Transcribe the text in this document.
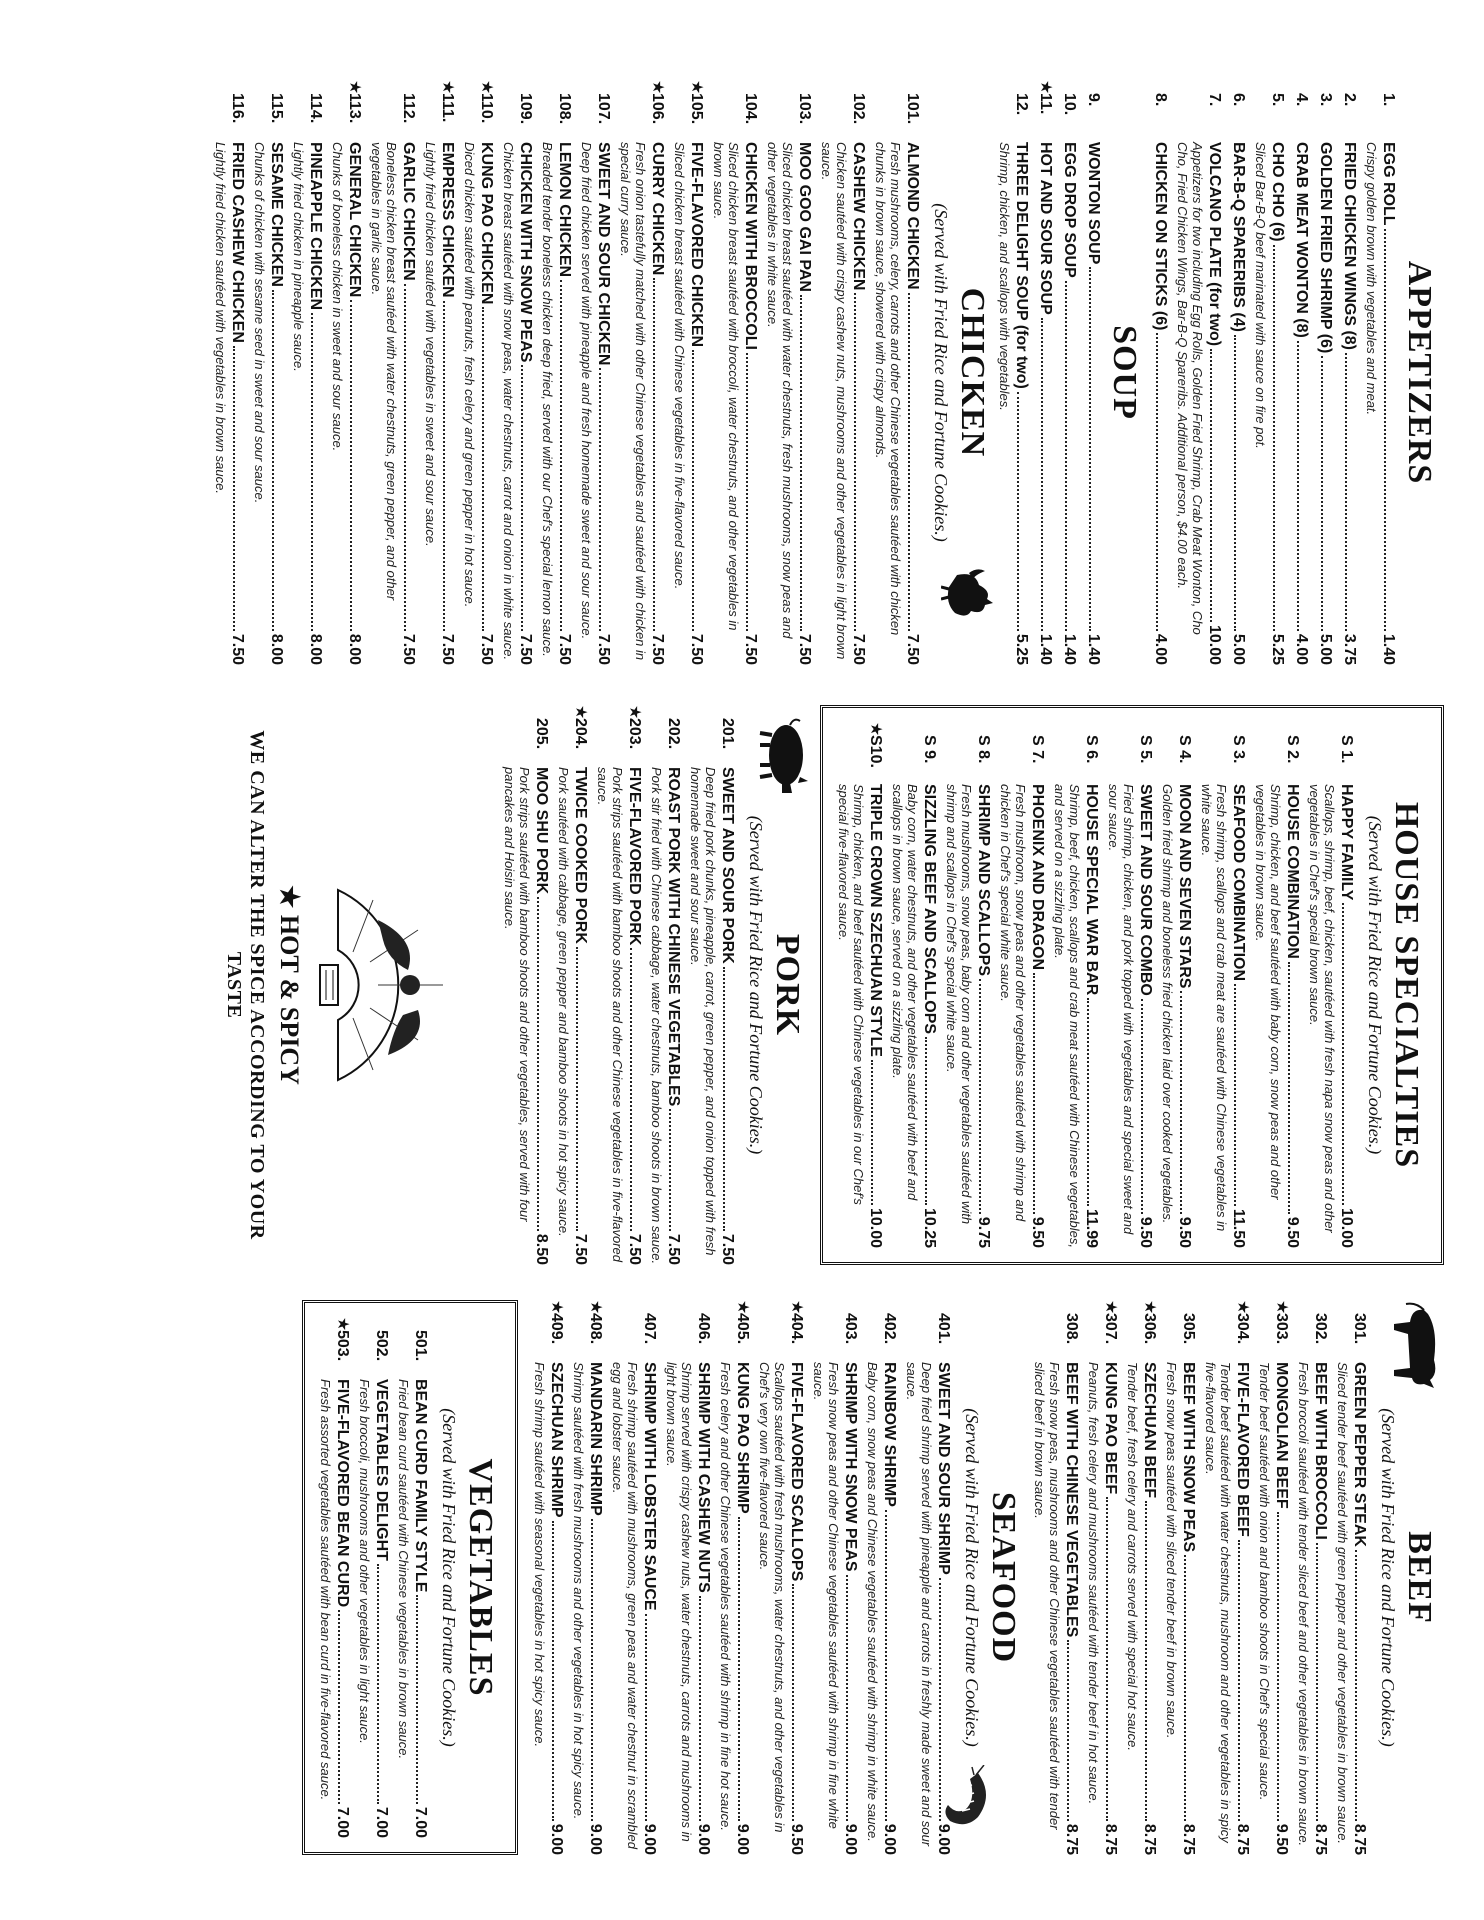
APPETIZERS
1.
EGG ROLL
1.40
Crispy golden brown with vegetables and meat.
2.
FRIED CHICKEN WINGS (8)
3.75
3.
GOLDEN FRIED SHRIMP (6)
5.00
4.
CRAB MEAT WONTON (8)
4.00
5.
CHO CHO (6)
5.25
Sliced Bar-B-Q beef marinated with sauce on fire pot.
6.
BAR-B-Q SPARERIBS (4)
5.00
7.
VOLCANO PLATE (for two)
10.00
Appetizers for two including Egg Rolls, Golden Fried Shrimp, Crab Meat Wonton, Cho Cho, Fried Chicken Wings, Bar-B-Q Spareribs. Additional person, $4.00 each.
8.
CHICKEN ON STICKS (6)
4.00
SOUP
9.
WONTON SOUP
1.40
10.
EGG DROP SOUP
1.40
★
11.
HOT AND SOUR SOUP
1.40
12.
THREE DELIGHT SOUP (for two)
5.25
Shrimp, chicken, and scallops with vegetables.
CHICKEN
(Served with Fried Rice and Fortune Cookies.)
101.
ALMOND CHICKEN
7.50
Fresh mushrooms, celery, carrots and other Chinese vegetables sautéed with chicken chunks in brown sauce, showered with crispy almonds.
102.
CASHEW CHICKEN
7.50
Chicken sautéed with crispy cashew nuts, mushrooms and other vegetables in light brown sauce.
103.
MOO GOO GAI PAN
7.50
Sliced chicken breast sautéed with water chestnuts, fresh mushrooms, snow peas and other vegetables in white sauce.
104.
CHICKEN WITH BROCCOLI
7.50
Sliced chicken breast sautéed with broccoli, water chestnuts, and other vegetables in brown sauce.
★
105.
FIVE-FLAVORED CHICKEN
7.50
Sliced chicken breast sautéed with Chinese vegetables in five-flavored sauce.
★
106.
CURRY CHICKEN
7.50
Fresh onion tastefully matched with other Chinese vegetables and sautéed with chicken in special curry sauce.
107.
SWEET AND SOUR CHICKEN
7.50
Deep fried chicken served with pineapple and fresh homemade sweet and sour sauce.
108.
LEMON CHICKEN
7.50
Breaded tender boneless chicken deep fried, served with our Chef's special lemon sauce.
109.
CHICKEN WITH SNOW PEAS
7.50
Chicken breast sautéed with snow peas, water chestnuts, carrot and onion in white sauce.
★
110.
KUNG PAO CHICKEN
7.50
Diced chicken sautéed with peanuts, fresh celery and green pepper in hot sauce.
★
111.
EMPRESS CHICKEN
7.50
Lightly fried chicken sautéed with vegetables in sweet and sour sauce.
112.
GARLIC CHICKEN
7.50
Boneless chicken breast sautéed with water chestnuts, green pepper, and other vegetables in garlic sauce.
★
113.
GENERAL CHICKEN
8.00
Chunks of boneless chicken in sweet and sour sauce.
114.
PINEAPPLE CHICKEN
8.00
Lightly fried chicken in pineapple sauce.
115.
SESAME CHICKEN
8.00
Chunks of chicken with sesame seed in sweet and sour sauce.
116.
FRIED CASHEW CHICKEN
7.50
Lightly fried chicken sautéed with vegetables in brown sauce.
HOUSE SPECIALTIES
(Served with Fried Rice and Fortune Cookies.)
S 1.
HAPPY FAMILY
10.00
Scallops, shrimp, beef, chicken, sautéed with fresh napa snow peas and other vegetables in Chef's special brown sauce.
S 2.
HOUSE COMBINATION
9.50
Shrimp, chicken, and beef sautéed with baby corn, snow peas and other vegetables in brown sauce.
S 3.
SEAFOOD COMBINATION
11.50
Fresh shrimp, scallops and crab meat are sautéed with Chinese vegetables in white sauce.
S 4.
MOON AND SEVEN STARS
9.50
Golden fried shrimp and boneless fried chicken laid over cooked vegetables.
S 5.
SWEET AND SOUR COMBO
9.50
Fried shrimp, chicken, and pork topped with vegetables and special sweet and sour sauce.
S 6.
HOUSE SPECIAL WAR BAR
11.99
Shrimp, beef, chicken, scallops and crab meat sautéed with Chinese vegetables, and served on a sizzling plate.
S 7.
PHOENIX AND DRAGON
9.50
Fresh mushroom, snow peas and other vegetables sautéed with shrimp and chicken in Chef's special white sauce.
S 8.
SHRIMP AND SCALLOPS
9.75
Fresh mushrooms, snow peas, baby corn and other vegetables sautéed with shrimp and scallops in Chef's special white sauce.
S 9.
SIZZLING BEEF AND SCALLOPS
10.25
Baby corn, water chestnuts, and other vegetables sautéed with beef and scallops in brown sauce, served on a sizzling plate.
★
S10.
TRIPLE CROWN SZECHUAN STYLE
10.00
Shrimp, chicken, and beef sautéed with Chinese vegetables in our Chef's special five-flavored sauce.
PORK
(Served with Fried Rice and Fortune Cookies.)
201.
SWEET AND SOUR PORK
7.50
Deep fried pork chunks, pineapple, carrot, green pepper, and onion topped with fresh homemade sweet and sour sauce.
202.
ROAST PORK WITH CHINESE VEGETABLES
7.50
Pork stir fried with Chinese cabbage, water chestnuts, bamboo shoots in brown sauce.
★
203.
FIVE-FLAVORED PORK
7.50
Pork strips sautéed with bamboo shoots and other Chinese vegetables in five-flavored sauce.
★
204.
TWICE COOKED PORK
7.50
Pork sautéed with cabbage, green pepper and bamboo shoots in hot spicy sauce.
205.
MOO SHU PORK
8.50
Pork strips sautéed with bamboo shoots and other vegetables, served with four pancakes and Hoisin sauce.
★ HOT & SPICY
WE CAN ALTER THE SPICE ACCORDING TO YOUR TASTE
BEEF
(Served with Fried Rice and Fortune Cookies.)
301.
GREEN PEPPER STEAK
8.75
Sliced tender beef sautéed with green pepper and other vegetables in brown sauce.
302.
BEEF WITH BROCCOLI
8.75
Fresh broccoli sautéed with tender sliced beef and other vegetables in brown sauce.
★
303.
MONGOLIAN BEEF
9.50
Tender beef sautéed with onion and bamboo shoots in Chef's special sauce.
★
304.
FIVE-FLAVORED BEEF
8.75
Tender beef sautéed with water chestnuts, mushroom and other vegetables in spicy five-flavored sauce.
305.
BEEF WITH SNOW PEAS
8.75
Fresh snow peas sautéed with sliced tender beef in brown sauce.
★
306.
SZECHUAN BEEF
8.75
Tender beef, fresh celery and carrots served with special hot sauce.
★
307.
KUNG PAO BEEF
8.75
Peanuts, fresh celery and mushrooms sautéed with tender beef in hot sauce.
308.
BEEF WITH CHINESE VEGETABLES
8.75
Fresh snow peas, mushrooms and other Chinese vegetables sautéed with tender sliced beef in brown sauce.
SEAFOOD
(Served with Fried Rice and Fortune Cookies.)
401.
SWEET AND SOUR SHRIMP
9.00
Deep fried shrimp served with pineapple and carrots in freshly made sweet and sour sauce.
402.
RAINBOW SHRIMP
9.00
Baby corn, snow peas and Chinese vegetables sautéed with shrimp in white sauce.
403.
SHRIMP WITH SNOW PEAS
9.00
Fresh snow peas and other Chinese vegetables sautéed with shrimp in fine white sauce.
★
404.
FIVE-FLAVORED SCALLOPS
9.50
Scallops sautéed with fresh mushrooms, water chestnuts, and other vegetables in Chef's very own five-flavored sauce.
★
405.
KUNG PAO SHRIMP
9.00
Fresh celery and other Chinese vegetables sautéed with shrimp in fine hot sauce.
406.
SHRIMP WITH CASHEW NUTS
9.00
Shrimp served with crispy cashew nuts, water chestnuts, carrots and mushrooms in light brown sauce.
407.
SHRIMP WITH LOBSTER SAUCE
9.00
Fresh shrimp sautéed with mushrooms, green peas and water chestnut in scrambled egg and lobster sauce.
★
408.
MANDARIN SHRIMP
9.00
Shrimp sautéed with fresh mushrooms and other vegetables in hot spicy sauce.
★
409.
SZECHUAN SHRIMP
9.00
Fresh shrimp sautéed with seasonal vegetables in hot spicy sauce.
VEGETABLES
(Served with Fried Rice and Fortune Cookies.)
501.
BEAN CURD FAMILY STYLE
7.00
Fried bean curd sautéed with Chinese vegetables in brown sauce.
502.
VEGETABLES DELIGHT
7.00
Fresh broccoli, mushrooms and other vegetables in light sauce.
★
503.
FIVE-FLAVORED BEAN CURD
7.00
Fresh assorted vegetables sautéed with bean curd in five-flavored sauce.
